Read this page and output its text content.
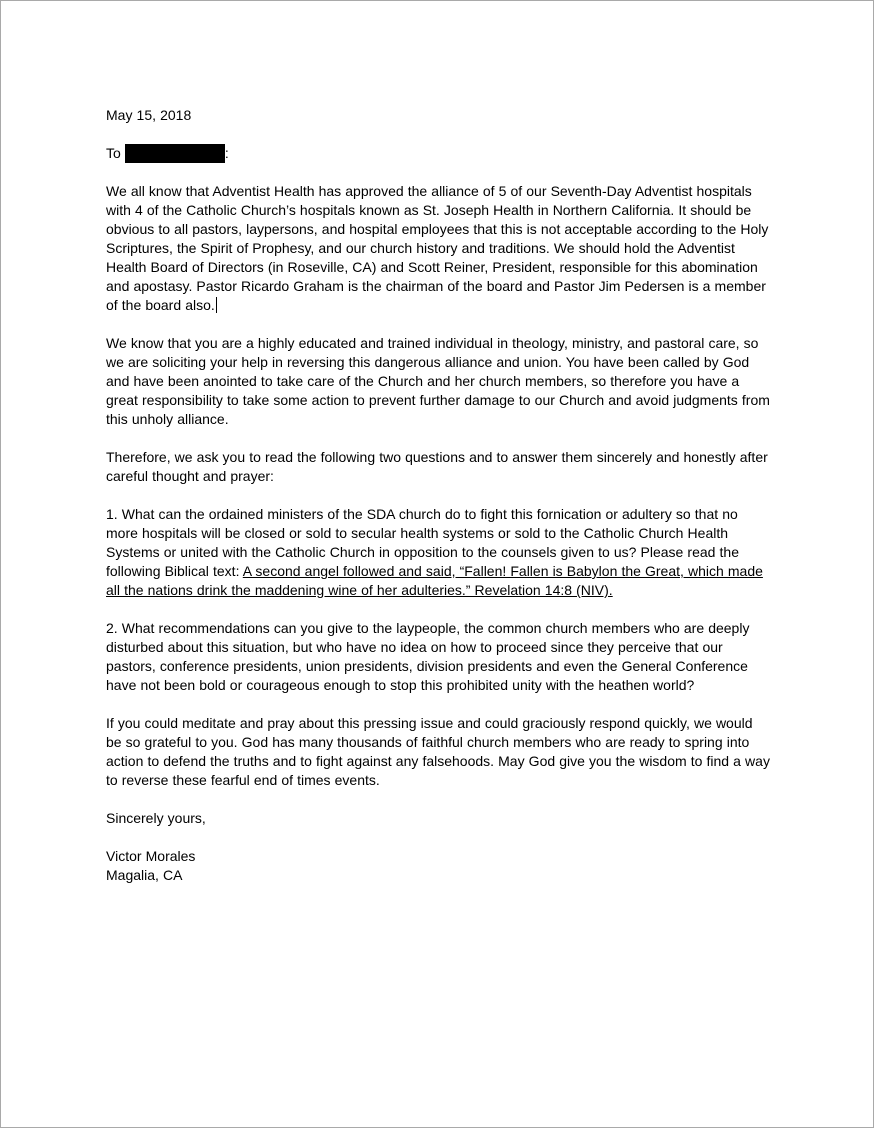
May 15, 2018

To	:

We all know that Adventist Health has approved the alliance of 5 of our Seventh-Day Adventist hospitals with 4 of the Catholic Church’s hospitals known as St. Joseph Health in Northern California. It should be obvious to all pastors, laypersons, and hospital employees that this is not acceptable according to the Holy Scriptures, the Spirit of Prophesy, and our church history and traditions. We should hold the Adventist Health Board of Directors (in Roseville, CA) and Scott Reiner, President, responsible for this abomination and apostasy. Pastor Ricardo Graham is the chairman of the board and Pastor Jim Pedersen is a member of the board also.

We know that you are a highly educated and trained individual in theology, ministry, and pastoral care, so we are soliciting your help in reversing this dangerous alliance and union. You have been called by God and have been anointed to take care of the Church and her church members, so therefore you have a great responsibility to take some action to prevent further damage to our Church and avoid judgments from this unholy alliance.

Therefore, we ask you to read the following two questions and to answer them sincerely and honestly after careful thought and prayer:

1. What can the ordained ministers of the SDA church do to fight this fornication or adultery so that no more hospitals will be closed or sold to secular health systems or sold to the Catholic Church Health Systems or united with the Catholic Church in opposition to the counsels given to us? Please read the following Biblical text: A second angel followed and said, “Fallen! Fallen is Babylon the Great, which made all the nations drink the maddening wine of her adulteries.” Revelation 14:8 (NIV).

2. What recommendations can you give to the laypeople, the common church members who are deeply disturbed about this situation, but who have no idea on how to proceed since they perceive that our pastors, conference presidents, union presidents, division presidents and even the General Conference have not been bold or courageous enough to stop this prohibited unity with the heathen world?

If you could meditate and pray about this pressing issue and could graciously respond quickly, we would be so grateful to you. God has many thousands of faithful church members who are ready to spring into action to defend the truths and to fight against any falsehoods. May God give you the wisdom to find a way to reverse these fearful end of times events.

Sincerely yours,

Victor Morales

Magalia, CA
